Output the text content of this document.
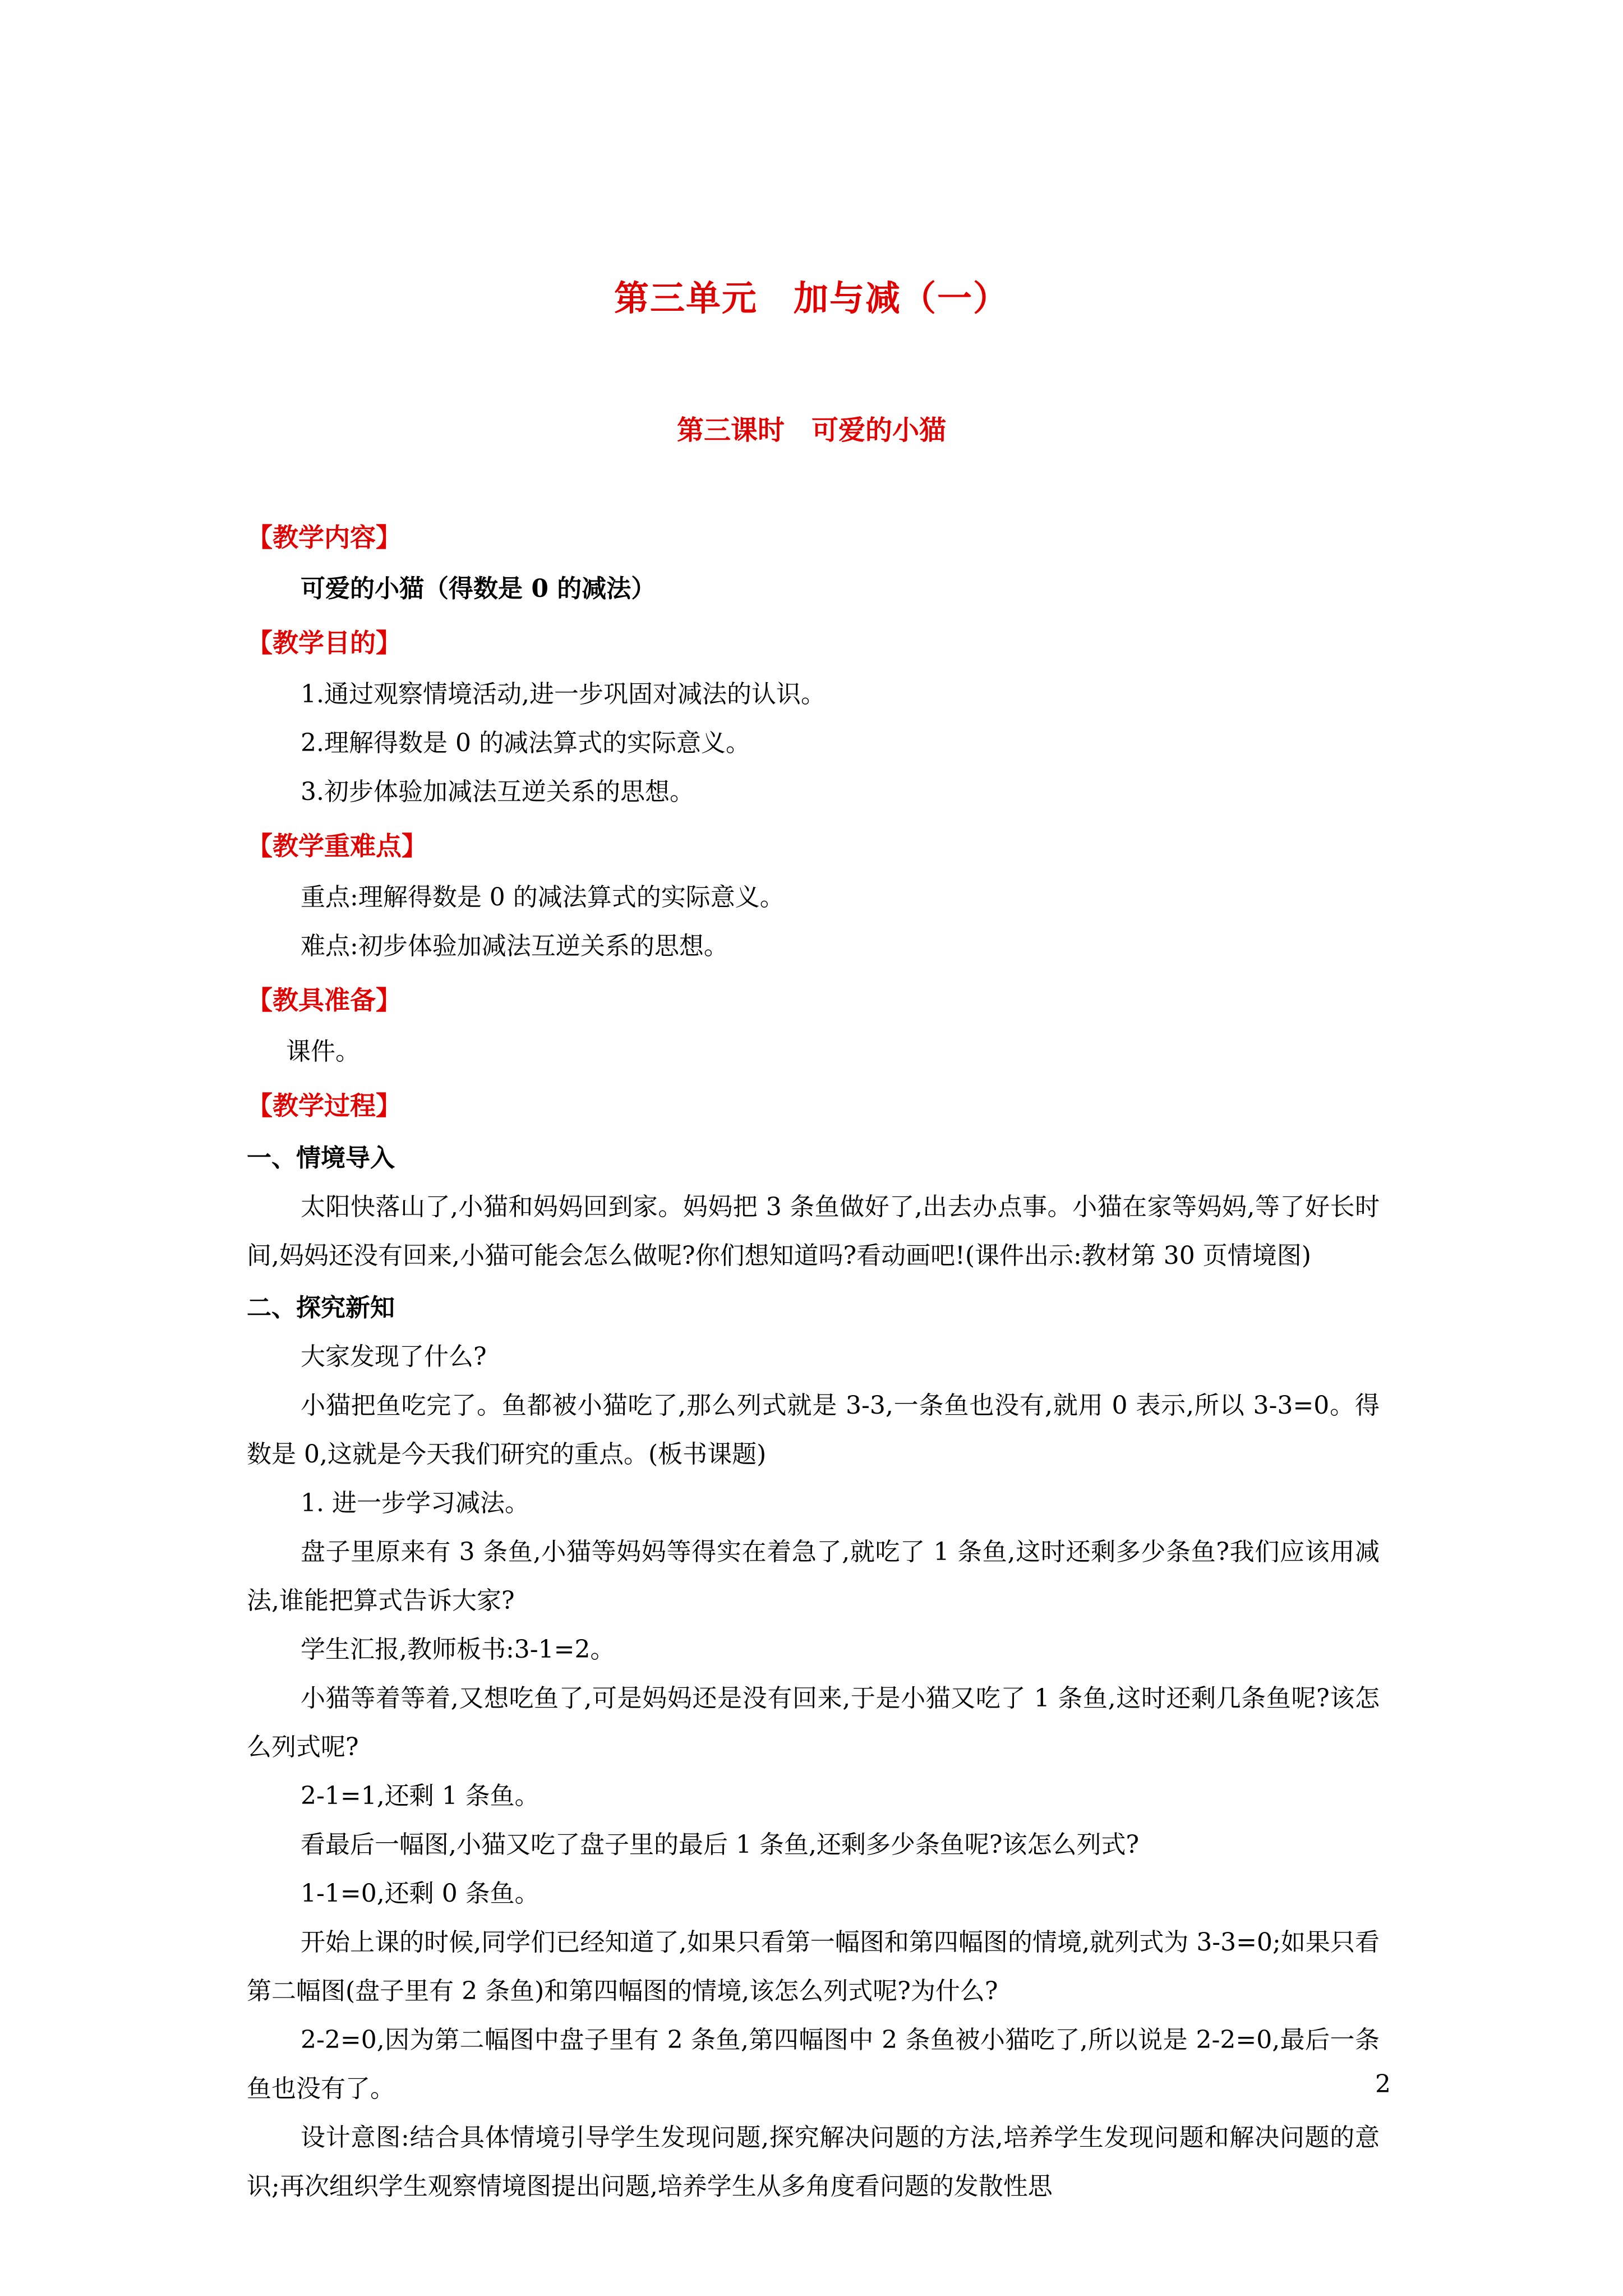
第三单元　加与减（一）
第三课时　可爱的小猫
【教学内容】
可爱的小猫（得数是 0 的减法）
【教学目的】
1.通过观察情境活动,进一步巩固对减法的认识。
2.理解得数是 0 的减法算式的实际意义。
3.初步体验加减法互逆关系的思想。
【教学重难点】
重点:理解得数是 0 的减法算式的实际意义。
难点:初步体验加减法互逆关系的思想。
【教具准备】
课件。
【教学过程】
一、情境导入
太阳快落山了,小猫和妈妈回到家。妈妈把 3 条鱼做好了,出去办点事。小猫在家等妈妈,等了好长时间,妈妈还没有回来,小猫可能会怎么做呢?你们想知道吗?看动画吧!(课件出示:教材第 30 页情境图)
二、探究新知
大家发现了什么?
小猫把鱼吃完了。鱼都被小猫吃了,那么列式就是 3-3,一条鱼也没有,就用 0 表示,所以 3-3=0。得数是 0,这就是今天我们研究的重点。(板书课题)
1. 进一步学习减法。
盘子里原来有 3 条鱼,小猫等妈妈等得实在着急了,就吃了 1 条鱼,这时还剩多少条鱼?我们应该用减法,谁能把算式告诉大家?
学生汇报,教师板书:3-1=2。
小猫等着等着,又想吃鱼了,可是妈妈还是没有回来,于是小猫又吃了 1 条鱼,这时还剩几条鱼呢?该怎么列式呢?
2-1=1,还剩 1 条鱼。
看最后一幅图,小猫又吃了盘子里的最后 1 条鱼,还剩多少条鱼呢?该怎么列式?
1-1=0,还剩 0 条鱼。
开始上课的时候,同学们已经知道了,如果只看第一幅图和第四幅图的情境,就列式为 3-3=0;如果只看第二幅图(盘子里有 2 条鱼)和第四幅图的情境,该怎么列式呢?为什么?
2-2=0,因为第二幅图中盘子里有 2 条鱼,第四幅图中 2 条鱼被小猫吃了,所以说是 2-2=0,最后一条鱼也没有了。
设计意图:结合具体情境引导学生发现问题,探究解决问题的方法,培养学生发现问题和解决问题的意识;再次组织学生观察情境图提出问题,培养学生从多角度看问题的发散性思
2
